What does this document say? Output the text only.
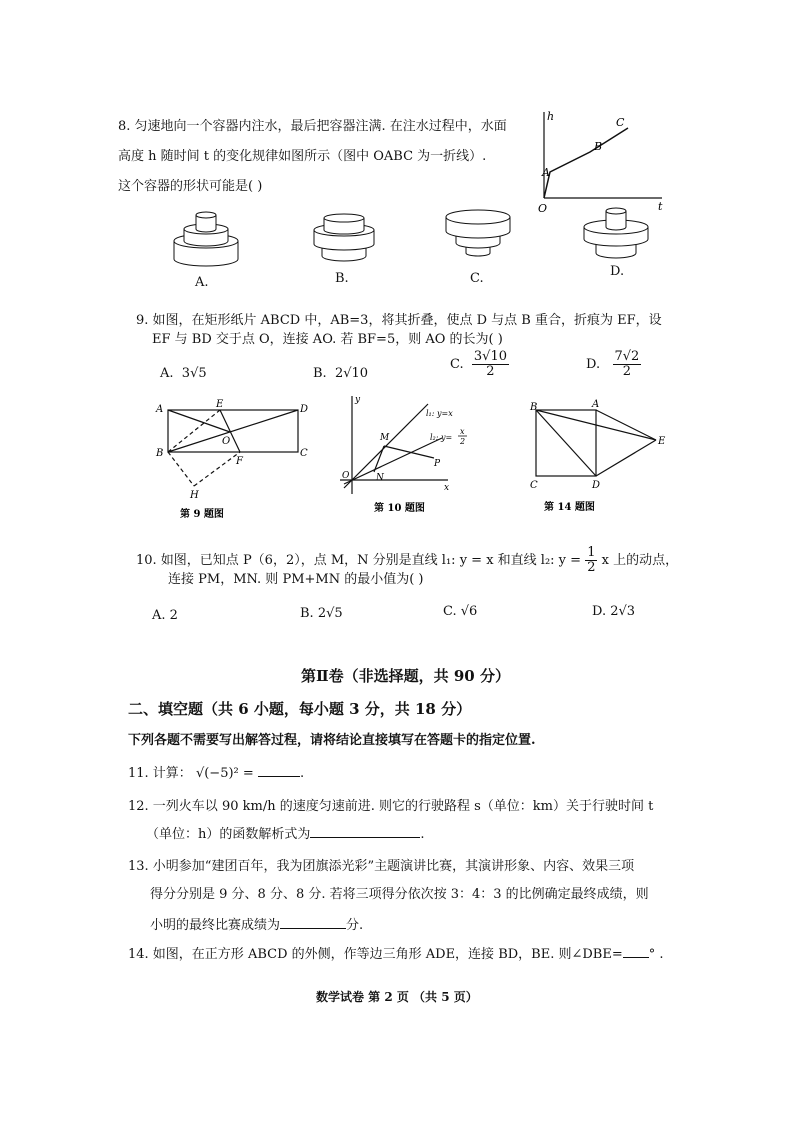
8. 匀速地向一个容器内注水，最后把容器注满. 在注水过程中，水面
高度 h 随时间 t 的变化规律如图所示（图中 OABC 为一折线）.
这个容器的形状可能是( )
h
t
O
A
B
C
A.	B.	C.	D.
9. 如图，在矩形纸片 ABCD 中，AB=3，将其折叠，使点 D 与点 B 重合，折痕为 EF，设
EF 与 BD 交于点 O，连接 AO. 若 BF=5，则 AO 的长为( )
A. 3√5	B. 2√10
C. $\frac{3√10}{2}$	D. $\frac{7√2}{2}$
A	E	D
B
F
C
O
H
第 9 题图
y
x
O
M
N
P
l₁: y=x
l₂: y=
x
2
第 10 题图
B	A
E
C	D
第 14 题图
10. 如图，已知点 P（6，2），点 M，N 分别是直线 l₁: y = x 和直线 l₂: $y = \frac{1}{2}$ x 上的动点，
连接 PM，MN. 则 PM+MN 的最小值为( )
A. 2	B. 2√5	C. √6	D. 2√3
第Ⅱ卷（非选择题，共 90 分）
二、填空题（共 6 小题，每小题 3 分，共 18 分）
下列各题不需要写出解答过程，请将结论直接填写在答题卡的指定位置.
11. 计算： √(−5)² =	.
12. 一列火车以 90 km/h 的速度匀速前进. 则它的行驶路程 s（单位：km）关于行驶时间 t
（单位：h）的函数解析式为	.
13. 小明参加“建团百年，我为团旗添光彩”主题演讲比赛，其演讲形象、内容、效果三项
得分分别是 9 分、8 分、8 分. 若将三项得分依次按 3：4：3 的比例确定最终成绩，则
小明的最终比赛成绩为	分.
14. 如图，在正方形 ABCD 的外侧，作等边三角形 ADE，连接 BD，BE. 则∠DBE= ° .
数学试卷 第 2 页 （共 5 页）
